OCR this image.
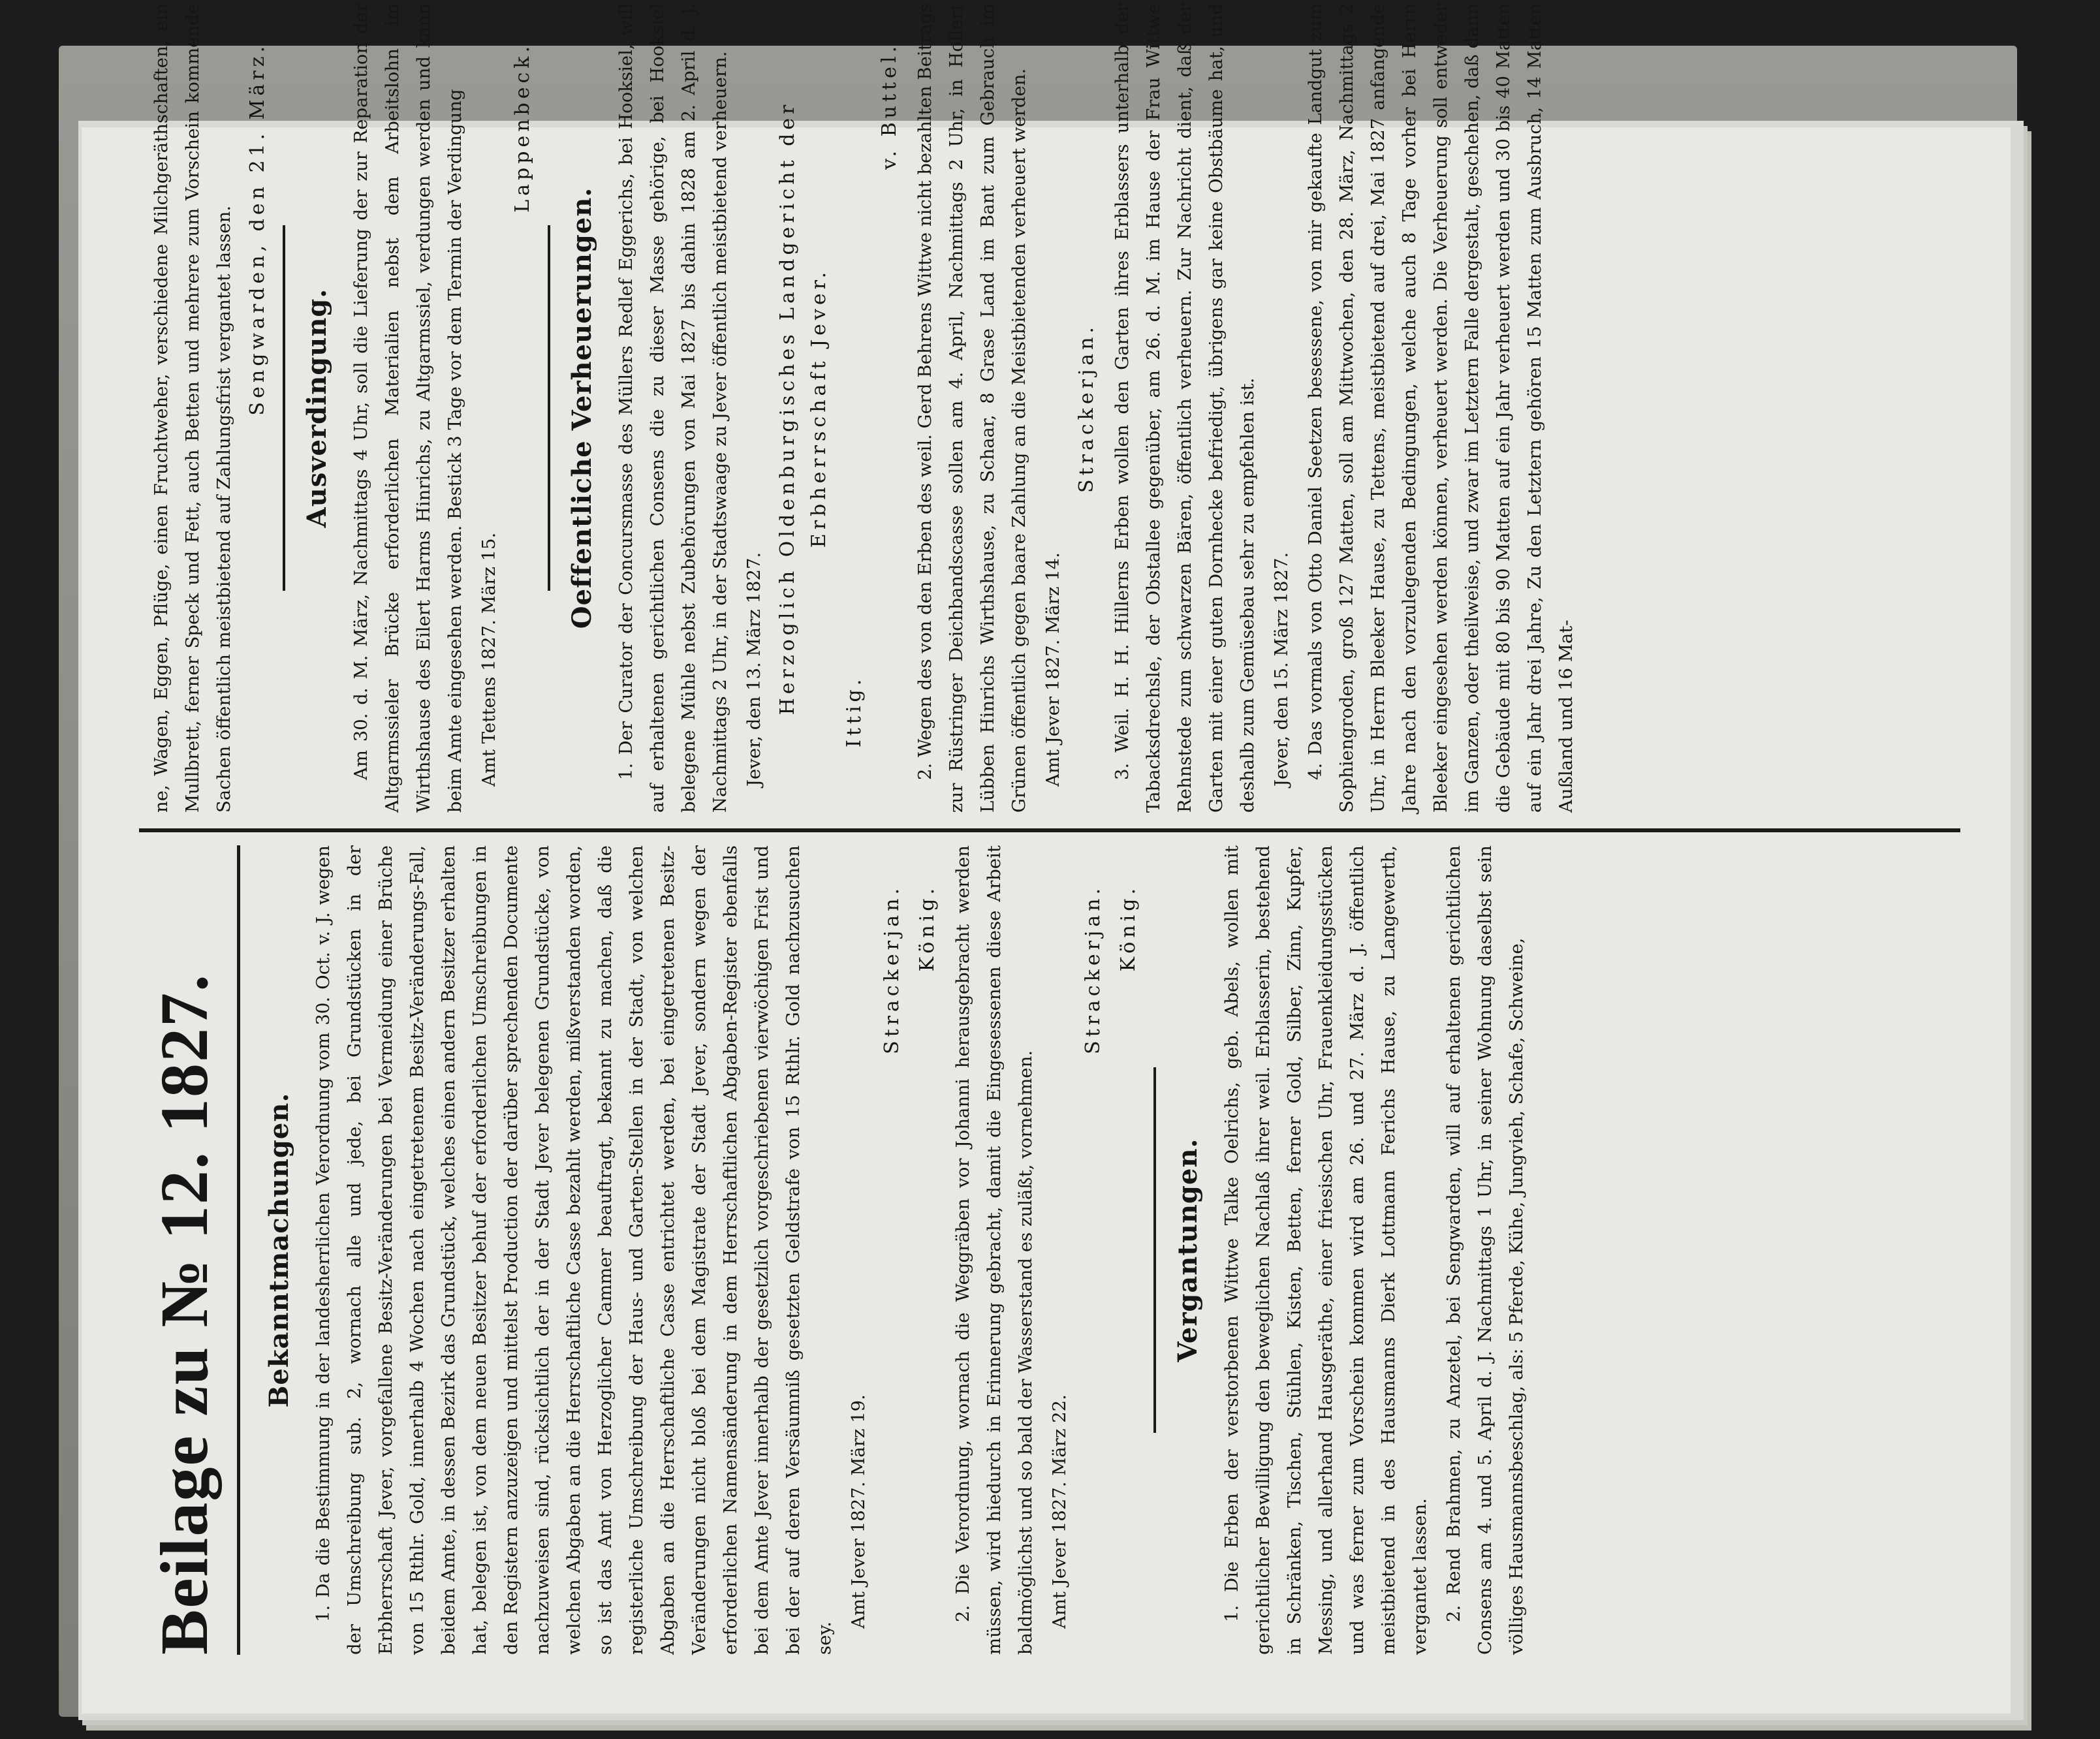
Beilage zu № 12. 1827.	Bekanntmachungen.	1. Da die Bestimmung in der landesherrlichen Verordnung vom 30. Oct. v. J. wegen der Umschreibung sub. 2, wornach alle und jede, bei Grundstücken in der Erbherrschaft Jever, vorgefallene Besitz-Veränderungen bei Vermeidung einer Brüche von 15 Rthlr. Gold, innerhalb 4 Wochen nach eingetretenem Besitz-Veränderungs-Fall, beidem Amte, in dessen Bezirk das Grundstück, welches einen andern Besitzer erhalten hat, belegen ist, von dem neuen Besitzer behuf der erforderlichen Umschreibungen in den Registern anzuzeigen und mittelst Production der darüber sprechenden Documente nachzuweisen sind, rücksichtlich der in der Stadt Jever belegenen Grundstücke, von welchen Abgaben an die Herrschaftliche Casse bezahlt werden, mißverstanden worden, so ist das Amt von Herzoglicher Cammer beauftragt, bekannt zu machen, daß die registerliche Umschreibung der Haus- und Garten-Stellen in der Stadt, von welchen Abgaben an die Herrschaftliche Casse entrichtet werden, bei eingetretenen Besitz-Veränderungen nicht bloß bei dem Magistrate der Stadt Jever, sondern wegen der erforderlichen Namensänderung in dem Herrschaftlichen Abgaben-Register ebenfalls bei dem Amte Jever innerhalb der gesetzlich vorgeschriebenen vierwöchigen Frist und bei der auf deren Versäumniß gesetzten Geldstrafe von 15 Rthlr. Gold nachzusuchen sey.

Amt Jever 1827. März 19.

Strackerjan. König. 2. Die Verordnung, wornach die Weggräben vor Johanni herausgebracht werden müssen, wird hiedurch in Erinnerung gebracht, damit die Eingesessenen diese Arbeit baldmöglichst und so bald der Wasserstand es zuläßt, vornehmen. Amt Jever 1827. März 22.

Strackerjan. König.

Vergantungen.	1. Die Erben der verstorbenen Wittwe Talke Oelrichs, geb. Abels, wollen mit gerichtlicher Bewilligung den beweglichen Nachlaß ihrer weil. Erblasserin, bestehend in Schränken, Tischen, Stühlen, Kisten, Betten, ferner Gold, Silber, Zinn, Kupfer, Messing, und allerhand Hausgeräthe, einer friesischen Uhr, Frauenkleidungsstücken und was ferner zum Vorschein kommen wird am 26. und 27. März d. J. öffentlich meistbietend in des Hausmanns Dierk Lottmann Ferichs Hause, zu Langewerth, vergantet lassen. 2. Rend Brahmen, zu Anzetel, bei Sengwarden, will auf erhaltenen gerichtlichen Consens am 4. und 5. April d. J. Nachmittags 1 Uhr, in seiner Wohnung daselbst sein völliges Hausmannsbeschlag, als: 5 Pferde, Kühe, Jungvieh, Schafe, Schweine,

ne, Wagen, Eggen, Pflüge, einen Fruchtweher, verschiedene Milchgeräthschaften, ein Mullbrett, ferner Speck und Fett, auch Betten und mehrere zum Vorschein kommende Sachen öffentlich meistbietend auf Zahlungsfrist vergantet lassen. Sengwarden, den 21. März. Ausverdingung.	Am 30. d. M. März, Nachmittags 4 Uhr, soll die Lieferung der zur Reparation der Altgarmssieler Brücke erforderlichen Materialien nebst dem Arbeitslohn im Wirthshause des Eilert Harms Hinrichs, zu Altgarmssiel, verdungen werden und kann beim Amte eingesehen werden. Bestick 3 Tage vor dem Termin der Verdingung Amt Tettens 1827. März 15.

Lappenbeck.

Oeffentliche Verheuerungen.	1. Der Curator der Concursmasse des Müllers Redlef Eggerichs, bei Hooksiel, will auf erhaltenen gerichtlichen Consens die zu dieser Masse gehörige, bei Hooksiel belegene Mühle nebst Zubehörungen von Mai 1827 bis dahin 1828 am 2. April d. J. Nachmittags 2 Uhr, in der Stadtswaage zu Jever öffentlich meistbietend verheuern. Jever, den 13. März 1827. Herzoglich Oldenburgisches Landgericht der Erbherrschaft Jever.

Ittig.

v. Buttel. 2. Wegen des von den Erben des weil. Gerd Behrens Wittwe nicht bezahlten Beitrags zur Rüstringer Deichbandscasse sollen am 4. April, Nachmittags 2 Uhr, in Hollert Lübben Hinrichs Wirthshause, zu Schaar, 8 Grase Land im Bant zum Gebrauch im Grünen öffentlich gegen baare Zahlung an die Meistbietenden verheuert werden. Amt Jever 1827. März 14.

Strackerjan. 3. Weil. H. H. Hillerns Erben wollen den Garten ihres Erblassers unterhalb der Tabacksdrechsle, der Obstallee gegenüber, am 26. d. M. im Hause der Frau Wittwe Rehnstede zum schwarzen Bären, öffentlich verheuern. Zur Nachricht dient, daß der Garten mit einer guten Dornhecke befriedigt, übrigens gar keine Obstbäume hat, und deshalb zum Gemüsebau sehr zu empfehlen ist. Jever, den 15. März 1827. 4. Das vormals von Otto Daniel Seetzen besessene, von mir gekaufte Landgut zum Sophiengroden, groß 127 Matten, soll am Mittwochen, den 28. März, Nachmittags 2 Uhr, in Herrn Bleeker Hause, zu Tettens, meistbietend auf drei, Mai 1827 anfangende Jahre nach den vorzulegenden Bedingungen, welche auch 8 Tage vorher bei Herrn Bleeker eingesehen werden können, verheuert werden. Die Verheuerung soll entweder im Ganzen, oder theilweise, und zwar im Letztern Falle dergestalt, geschehen, daß dann die Gebäude mit 80 bis 90 Matten auf ein Jahr verheuert werden und 30 bis 40 Matten auf ein Jahr drei Jahre, Zu den Letztern gehören 15 Matten zum Ausbruch, 14 Matten Außland und 16 Mat-
